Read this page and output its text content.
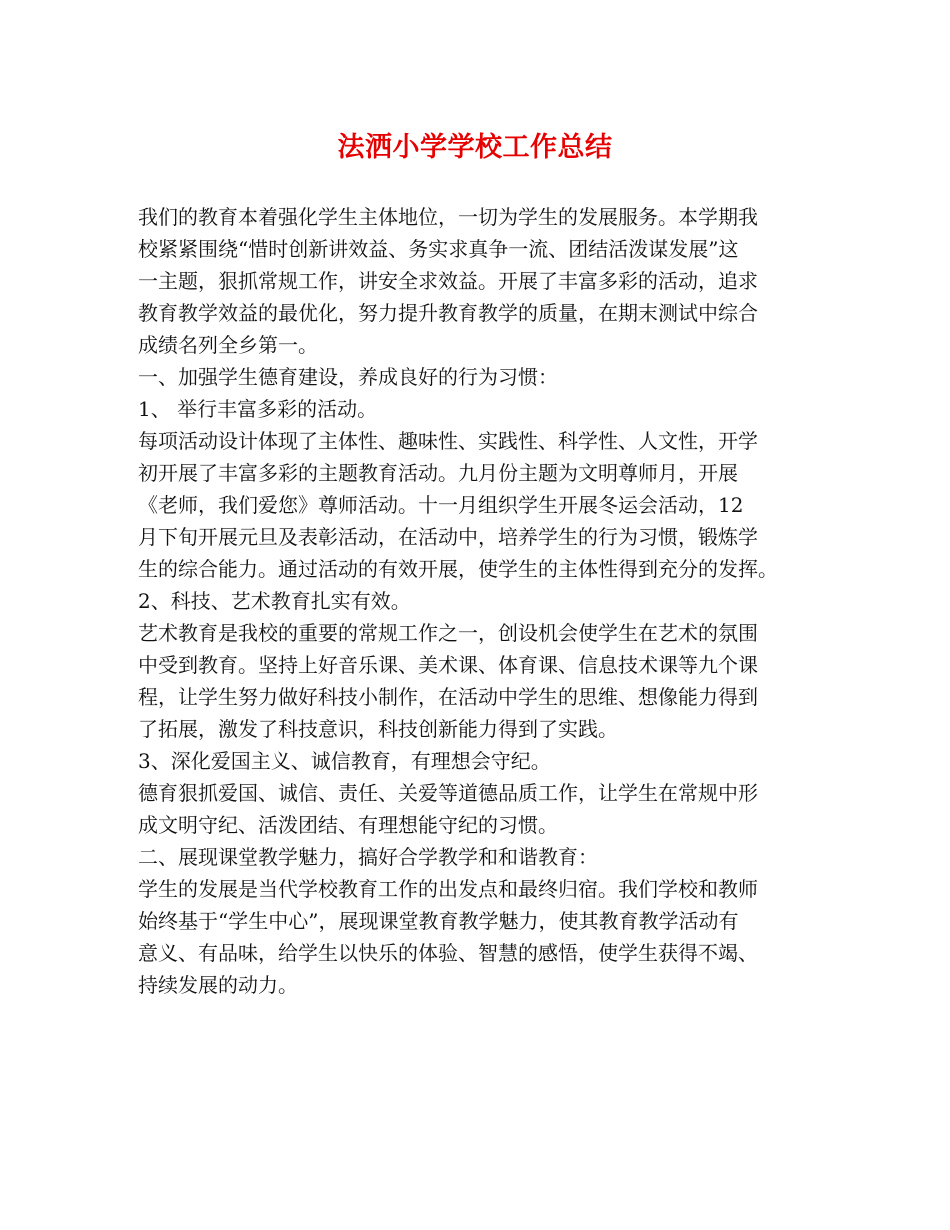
法洒小学学校工作总结
我们的教育本着强化学生主体地位，一切为学生的发展服务。本学期我
校紧紧围绕“惜时创新讲效益、务实求真争一流、团结活泼谋发展”这
一主题，狠抓常规工作，讲安全求效益。开展了丰富多彩的活动，追求
教育教学效益的最优化，努力提升教育教学的质量，在期末测试中综合
成绩名列全乡第一。
一、加强学生德育建设，养成良好的行为习惯：
1、 举行丰富多彩的活动。
每项活动设计体现了主体性、趣味性、实践性、科学性、人文性，开学
初开展了丰富多彩的主题教育活动。九月份主题为文明尊师月，开展
《老师，我们爱您》尊师活动。十一月组织学生开展冬运会活动，12
月下旬开展元旦及表彰活动，在活动中，培养学生的行为习惯，锻炼学
生的综合能力。通过活动的有效开展，使学生的主体性得到充分的发挥。
2、科技、艺术教育扎实有效。
艺术教育是我校的重要的常规工作之一，创设机会使学生在艺术的氛围
中受到教育。坚持上好音乐课、美术课、体育课、信息技术课等九个课
程，让学生努力做好科技小制作，在活动中学生的思维、想像能力得到
了拓展，激发了科技意识，科技创新能力得到了实践。
3、深化爱国主义、诚信教育，有理想会守纪。
德育狠抓爱国、诚信、责任、关爱等道德品质工作，让学生在常规中形
成文明守纪、活泼团结、有理想能守纪的习惯。
二、展现课堂教学魅力，搞好合学教学和和谐教育：
学生的发展是当代学校教育工作的出发点和最终归宿。我们学校和教师
始终基于“学生中心”，展现课堂教育教学魅力，使其教育教学活动有
意义、有品味，给学生以快乐的体验、智慧的感悟，使学生获得不竭、
持续发展的动力。
